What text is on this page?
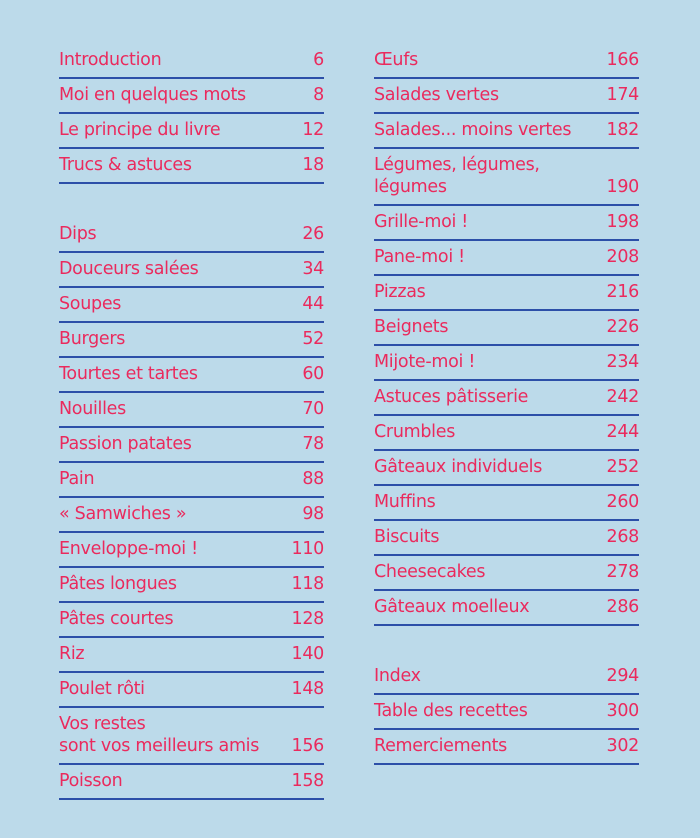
Introduction	6
Moi en quelques mots	8
Le principe du livre	12
Trucs & astuces	18
Dips	26
Douceurs salées	34
Soupes	44
Burgers	52
Tourtes et tartes	60
Nouilles	70
Passion patates	78
Pain	88
« Samwiches »	98
Enveloppe-moi !	110
Pâtes longues	118
Pâtes courtes	128
Riz	140
Poulet rôti	148
Vos restes
sont vos meilleurs amis	156
Poisson	158
Œufs	166
Salades vertes	174
Salades... moins vertes	182
Légumes, légumes,
légumes	190
Grille-moi !	198
Pane-moi !	208
Pizzas	216
Beignets	226
Mijote-moi !	234
Astuces pâtisserie	242
Crumbles	244
Gâteaux individuels	252
Muffins	260
Biscuits	268
Cheesecakes	278
Gâteaux moelleux	286
Index	294
Table des recettes	300
Remerciements	302
